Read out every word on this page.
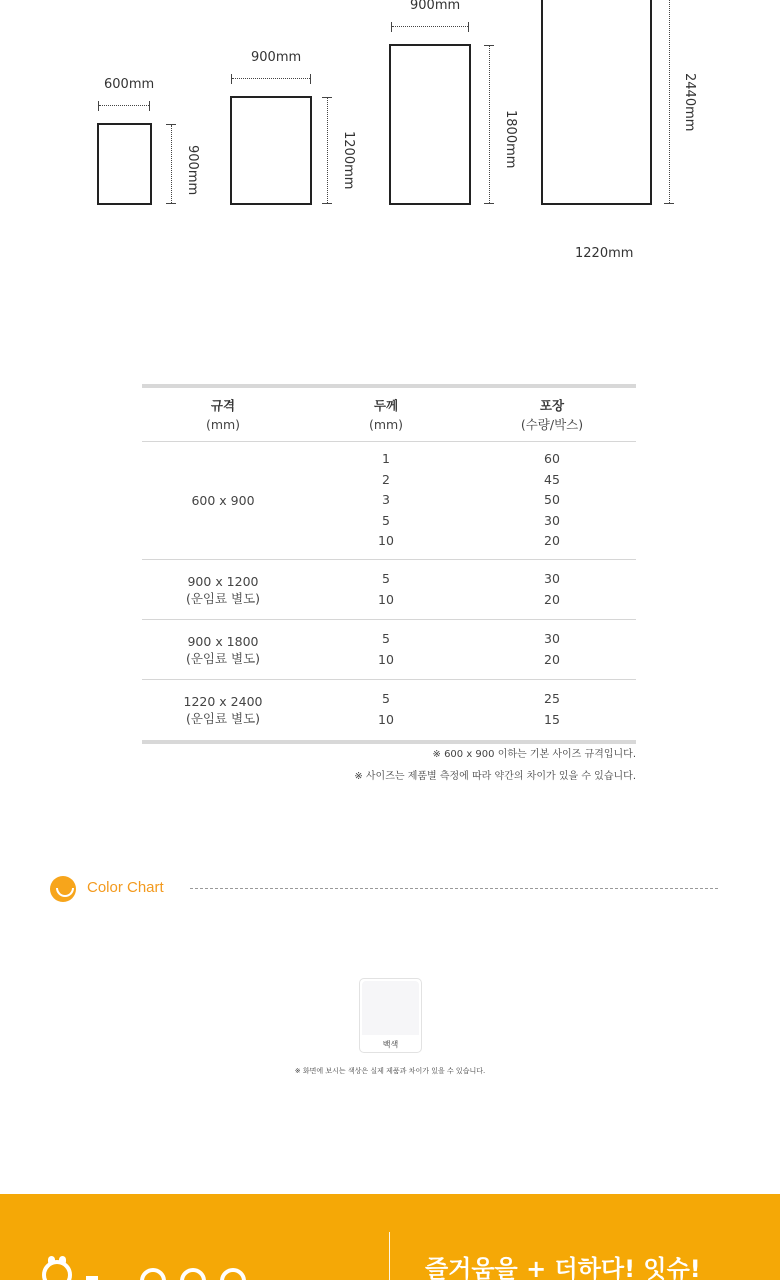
600mm
900mm
900mm
1200mm
900mm
1800mm
2440mm
1220mm
규격
(mm)
두께
(mm)
포장
(수량/박스)
600 x 900
1
2
3
5
10
60
45
50
30
20
900 x 1200
(운임료 별도)
5
10
30
20
900 x 1800
(운임료 별도)
5
10
30
20
1220 x 2400
(운임료 별도)
5
10
25
15
※ 600 x 900 이하는 기본 사이즈 규격입니다.
※ 사이즈는 제품별 측정에 따라 약간의 차이가 있을 수 있습니다.
Color Chart
백색
※ 화면에 보시는 색상은 실제 제품과 차이가 있을 수 있습니다.
즐거움을 + 더하다! 잇슈!
